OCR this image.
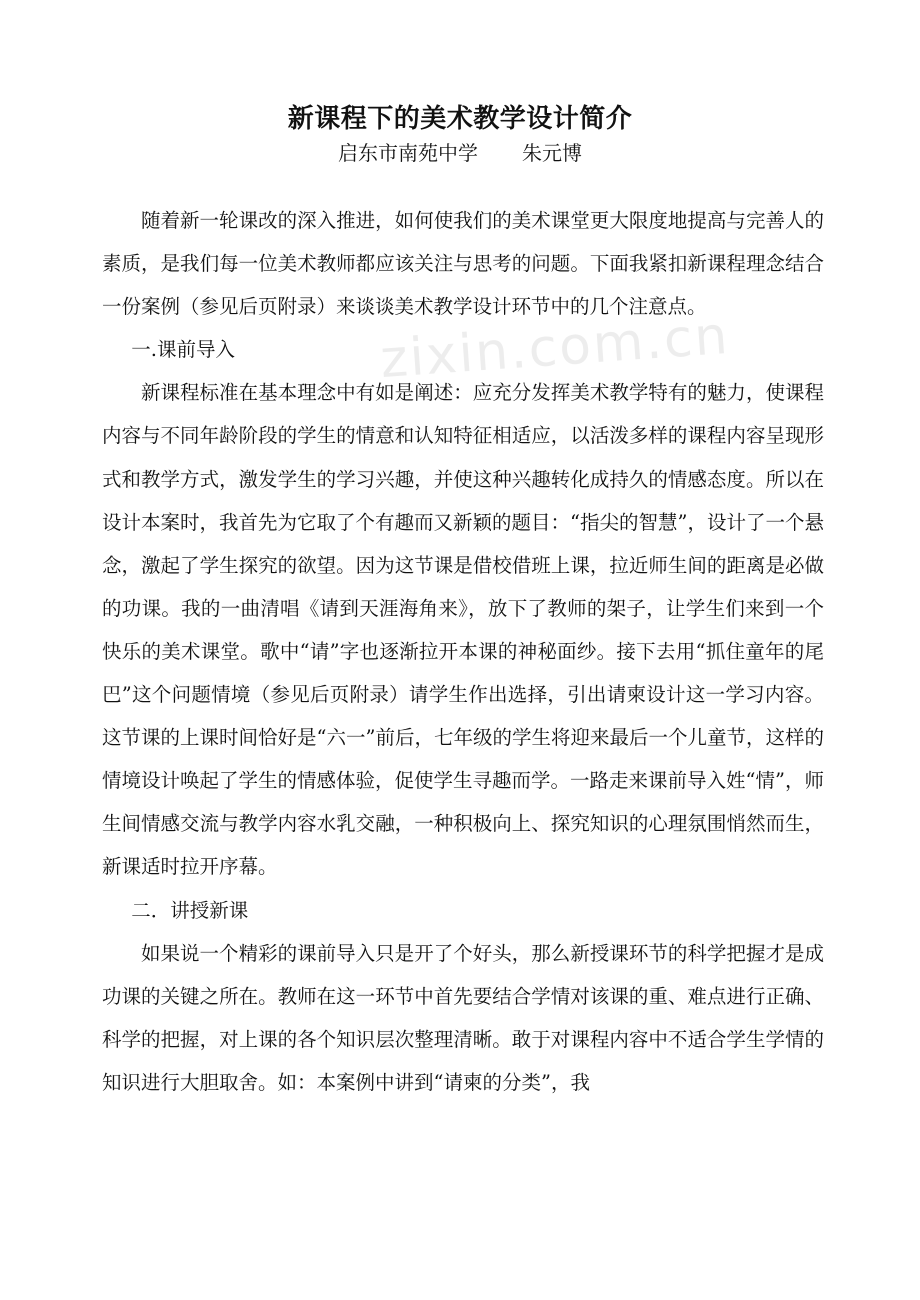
新课程下的美术教学设计简介
启东市南苑中学 朱元博
zixin.com.cn

随着新一轮课改的深入推进，如何使我们的美术课堂更大限度地提高与完善人的素质，是我们每一位美术教师都应该关注与思考的问题。下面我紧扣新课程理念结合一份案例（参见后页附录）来谈谈美术教学设计环节中的几个注意点。

一.课前导入

新课程标准在基本理念中有如是阐述：应充分发挥美术教学特有的魅力，使课程内容与不同年龄阶段的学生的情意和认知特征相适应，以活泼多样的课程内容呈现形式和教学方式，激发学生的学习兴趣，并使这种兴趣转化成持久的情感态度。所以在设计本案时，我首先为它取了个有趣而又新颖的题目：“指尖的智慧”，设计了一个悬念，激起了学生探究的欲望。因为这节课是借校借班上课，拉近师生间的距离是必做的功课。我的一曲清唱《请到天涯海角来》，放下了教师的架子，让学生们来到一个快乐的美术课堂。歌中“请”字也逐渐拉开本课的神秘面纱。接下去用“抓住童年的尾巴”这个问题情境（参见后页附录）请学生作出选择，引出请柬设计这一学习内容。这节课的上课时间恰好是“六一”前后，七年级的学生将迎来最后一个儿童节，这样的情境设计唤起了学生的情感体验，促使学生寻趣而学。一路走来课前导入姓“情”，师生间情感交流与教学内容水乳交融，一种积极向上、探究知识的心理氛围悄然而生，新课适时拉开序幕。

二．讲授新课

如果说一个精彩的课前导入只是开了个好头，那么新授课环节的科学把握才是成功课的关键之所在。教师在这一环节中首先要结合学情对该课的重、难点进行正确、科学的把握，对上课的各个知识层次整理清晰。敢于对课程内容中不适合学生学情的知识进行大胆取舍。如：本案例中讲到“请柬的分类”，我
